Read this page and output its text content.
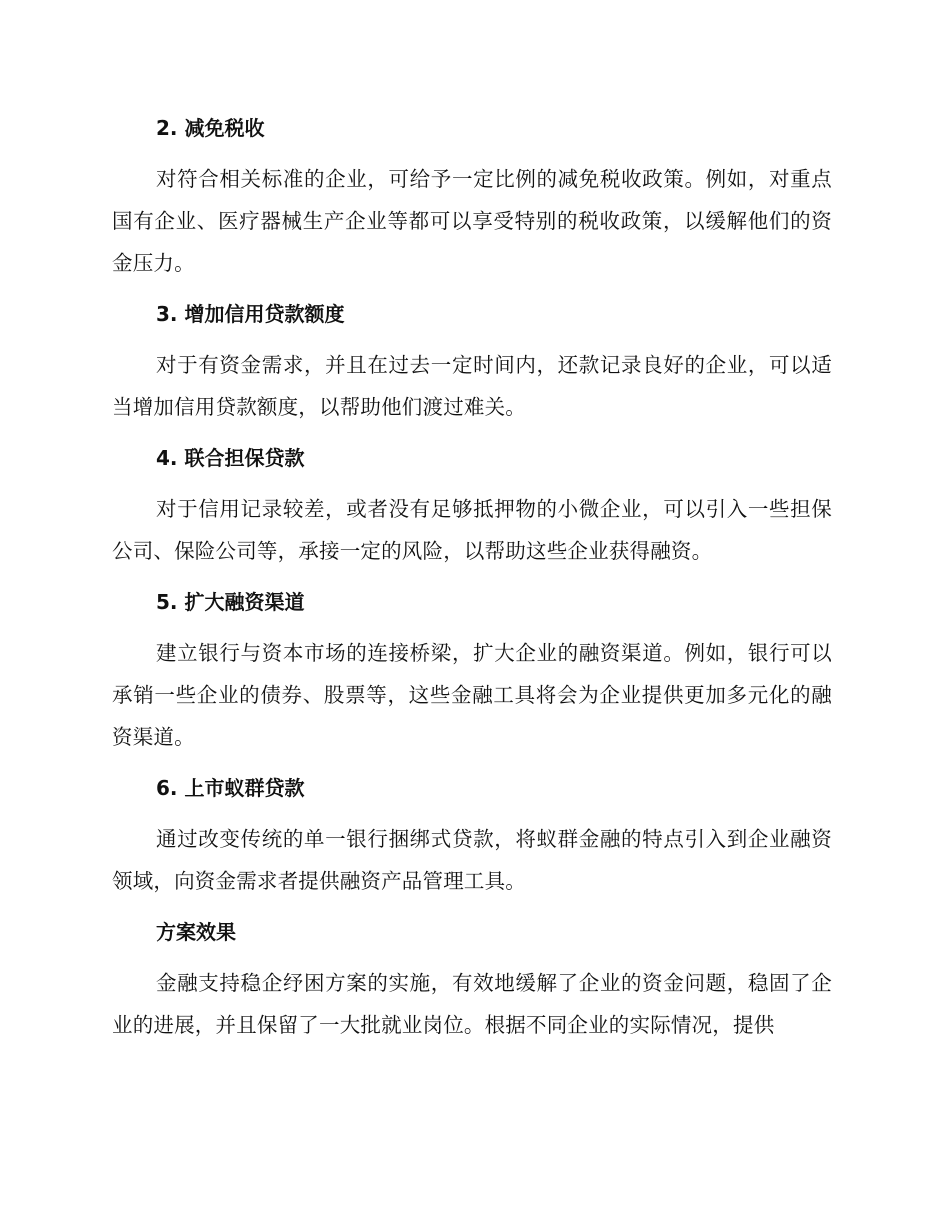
2. 减免税收

对符合相关标准的企业，可给予一定比例的减免税收政策。例如，对重点国有企业、医疗器械生产企业等都可以享受特别的税收政策，以缓解他们的资金压力。

3. 增加信用贷款额度

对于有资金需求，并且在过去一定时间内，还款记录良好的企业，可以适当增加信用贷款额度，以帮助他们渡过难关。

4. 联合担保贷款

对于信用记录较差，或者没有足够抵押物的小微企业，可以引入一些担保公司、保险公司等，承接一定的风险，以帮助这些企业获得融资。

5. 扩大融资渠道

建立银行与资本市场的连接桥梁，扩大企业的融资渠道。例如，银行可以承销一些企业的债券、股票等，这些金融工具将会为企业提供更加多元化的融资渠道。

6. 上市蚁群贷款

通过改变传统的单一银行捆绑式贷款，将蚁群金融的特点引入到企业融资领域，向资金需求者提供融资产品管理工具。

方案效果

金融支持稳企纾困方案的实施，有效地缓解了企业的资金问题，稳固了企业的进展，并且保留了一大批就业岗位。根据不同企业的实际情况，提供
